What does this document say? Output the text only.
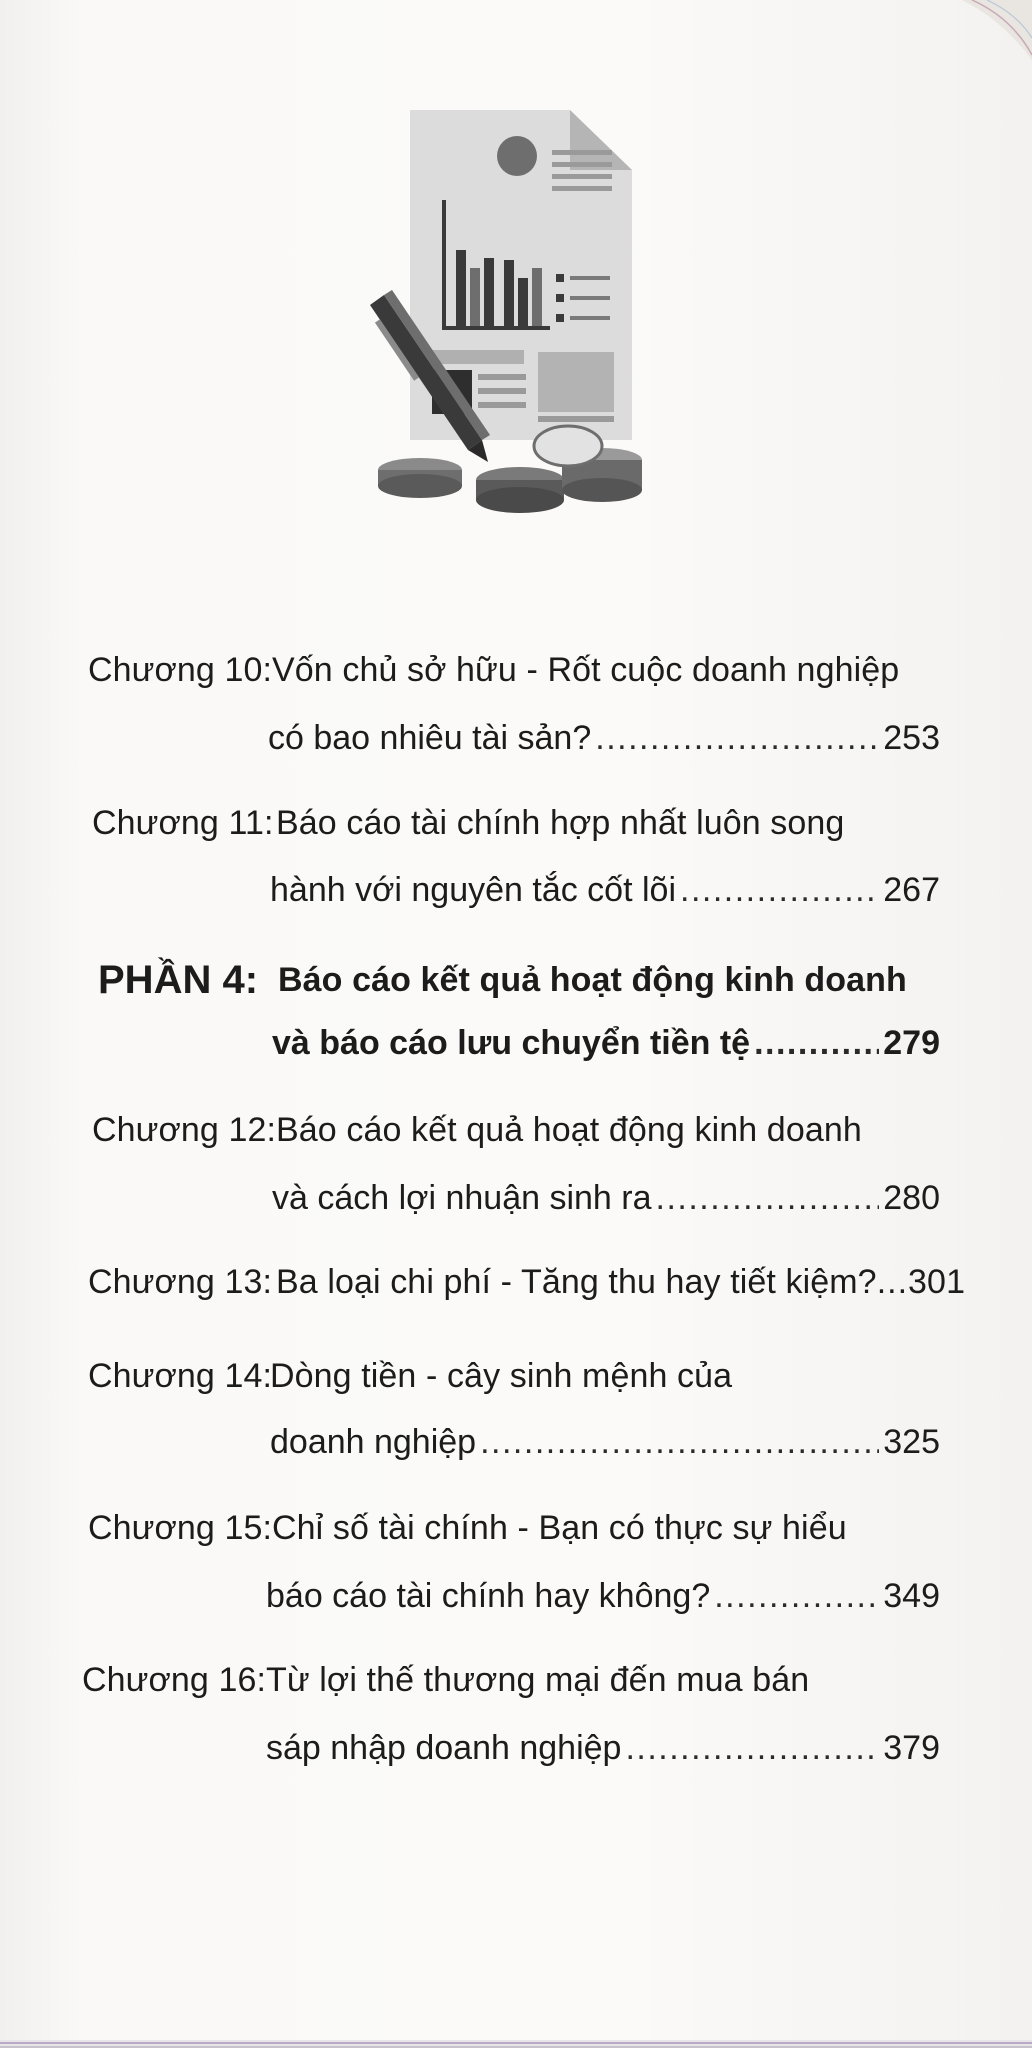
Chương 10: Vốn chủ sở hữu - Rốt cuộc doanh nghiệp
có bao nhiêu tài sản? .....	253
Chương 11: Báo cáo tài chính hợp nhất luôn song
hành với nguyên tắc cốt lõi .....	267
PHẦN 4: Báo cáo kết quả hoạt động kinh doanh
và báo cáo lưu chuyển tiền tệ .....	279
Chương 12: Báo cáo kết quả hoạt động kinh doanh
và cách lợi nhuận sinh ra .....	280
Chương 13: Ba loại chi phí - Tăng thu hay tiết kiệm?...301
Chương 14:
Dòng tiền - cây sinh mệnh của
doanh nghiệp .....	325
Chương 15: Chỉ số tài chính - Bạn có thực sự hiểu
báo cáo tài chính hay không? .....	349
Chương 16: Từ lợi thế thương mại đến mua bán
sáp nhập doanh nghiệp .....	379
